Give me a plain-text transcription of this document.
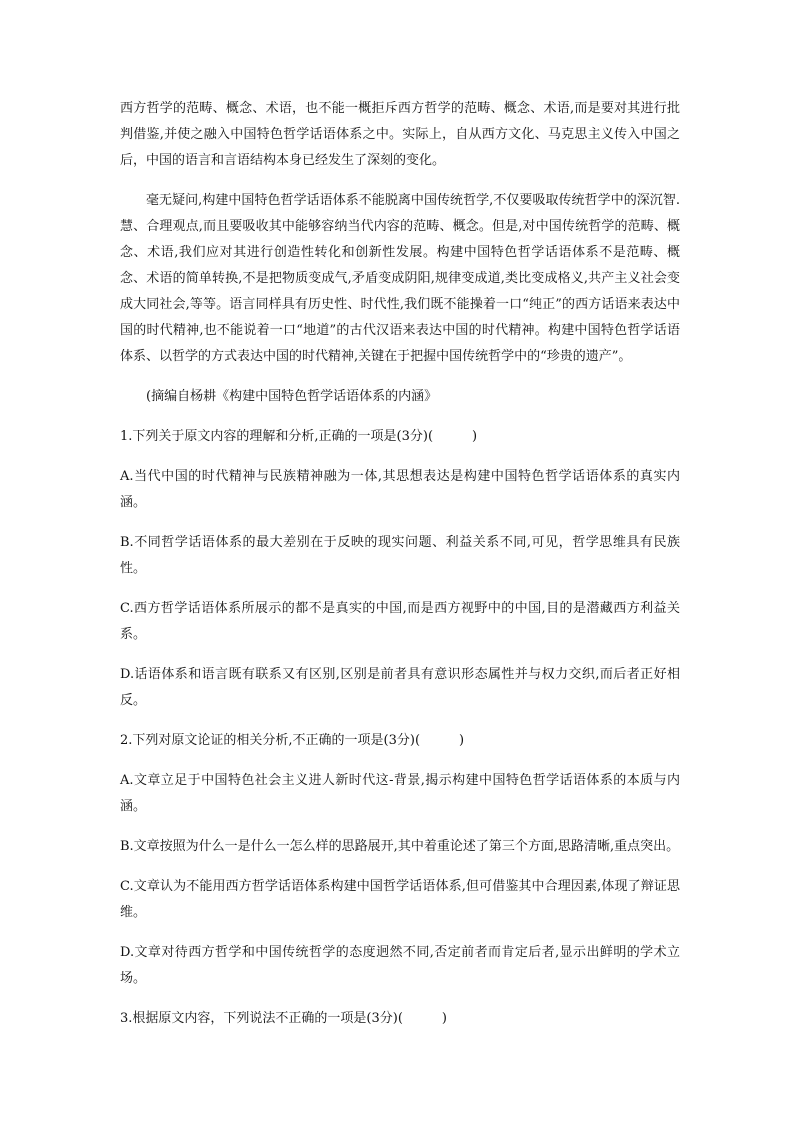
西方哲学的范畴、概念、术语，也不能一概拒斥西方哲学的范畴、概念、术语,而是要对其进行批判借鉴,并使之融入中国特色哲学话语体系之中。实际上，自从西方文化、马克思主义传入中国之后，中国的语言和言语结构本身已经发生了深刻的变化。

毫无疑问,构建中国特色哲学话语体系不能脱离中国传统哲学,不仅要吸取传统哲学中的深沉智.慧、合理观点,而且要吸收其中能够容纳当代内容的范畴、概念。但是,对中国传统哲学的范畴、概念、术语,我们应对其进行创造性转化和创新性发展。构建中国特色哲学话语体系不是范畴、概念、术语的简单转换,不是把物质变成气,矛盾变成阴阳,规律变成道,类比变成格义,共产主义社会变成大同社会,等等。语言同样具有历史性、时代性,我们既不能操着一口“纯正”的西方话语来表达中国的时代精神,也不能说着一口“地道”的古代汉语来表达中国的时代精神。构建中国特色哲学话语体系、以哲学的方式表达中国的时代精神,关键在于把握中国传统哲学中的“珍贵的遗产”。

(摘编自杨耕《构建中国特色哲学话语体系的内涵》

1.下列关于原文内容的理解和分析,正确的一项是(3分)(　　　)

A.当代中国的时代精神与民族精神融为一体,其思想表达是构建中国特色哲学话语体系的真实内涵。

B.不同哲学话语体系的最大差别在于反映的现实问题、利益关系不同,可见，哲学思维具有民族性。

C.西方哲学话语体系所展示的都不是真实的中国,而是西方视野中的中国,目的是潜藏西方利益关系。

D.话语体系和语言既有联系又有区别,区别是前者具有意识形态属性并与权力交织,而后者正好相反。

2.下列对原文论证的相关分析,不正确的一项是(3分)(　　　)

A.文章立足于中国特色社会主义进人新时代这-背景,揭示构建中国特色哲学话语体系的本质与内涵。

B.文章按照为什么一是什么一怎么样的思路展开,其中着重论述了第三个方面,思路清晰,重点突出。

C.文章认为不能用西方哲学话语体系构建中国哲学话语体系,但可借鉴其中合理因素,体现了辩证思维。

D.文章对待西方哲学和中国传统哲学的态度迥然不同,否定前者而肯定后者,显示出鲜明的学术立场。

3.根据原文内容，下列说法不正确的一项是(3分)(　　　)
